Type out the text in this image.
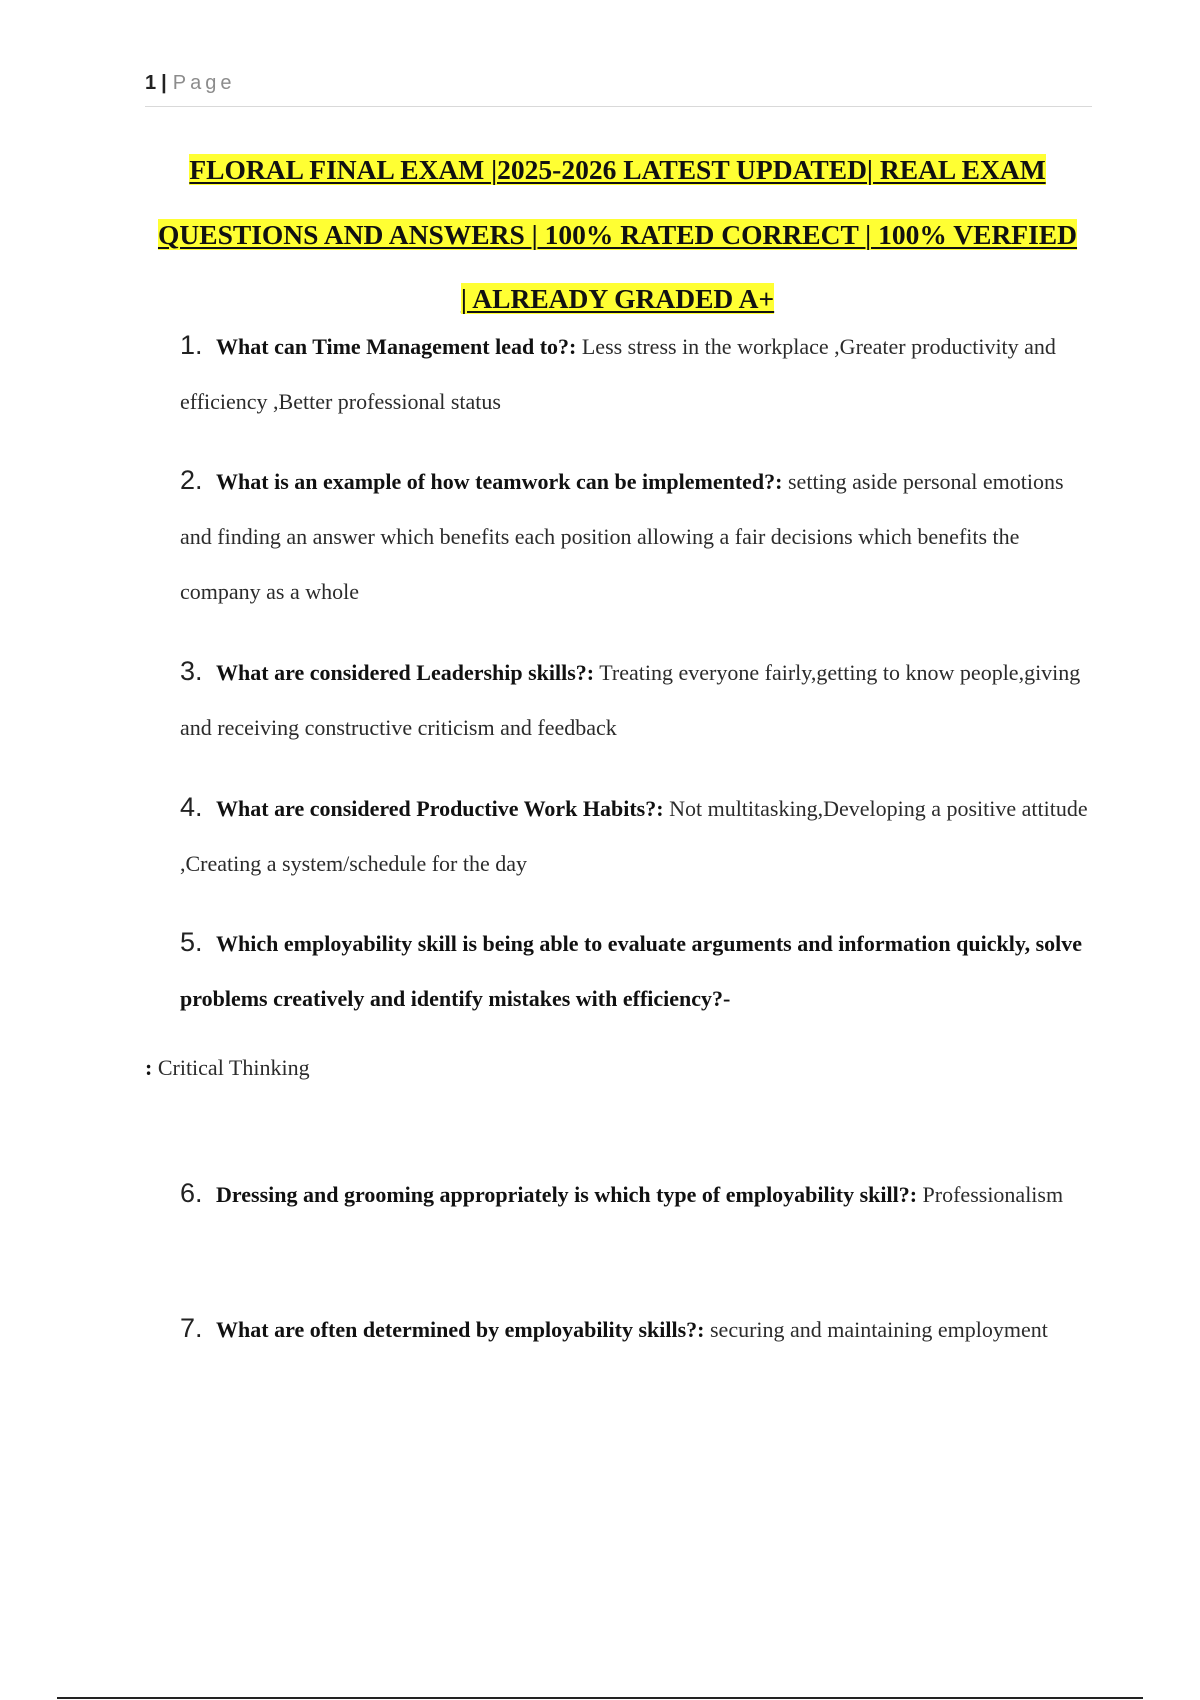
1 | Page
FLORAL FINAL EXAM |2025-2026 LATEST UPDATED| REAL EXAM
QUESTIONS AND ANSWERS | 100% RATED CORRECT | 100% VERFIED
| ALREADY GRADED A+
1. What can Time Management lead to?: Less stress in the workplace ,Greater productivity and efficiency ,Better professional status
2. What is an example of how teamwork can be implemented?: setting aside personal emotions and finding an answer which benefits each position allowing a fair decisions which benefits the company as a whole
3. What are considered Leadership skills?: Treating everyone fairly,getting to know people,giving and receiving constructive criticism and feedback
4. What are considered Productive Work Habits?: Not multitasking,Developing a positive attitude ,Creating a system/schedule for the day
5. Which employability skill is being able to evaluate arguments and information quickly, solve problems creatively and identify mistakes with efficiency?-
: Critical Thinking
6. Dressing and grooming appropriately is which type of employability skill?: Professionalism
7. What are often determined by employability skills?: securing and maintaining employment
